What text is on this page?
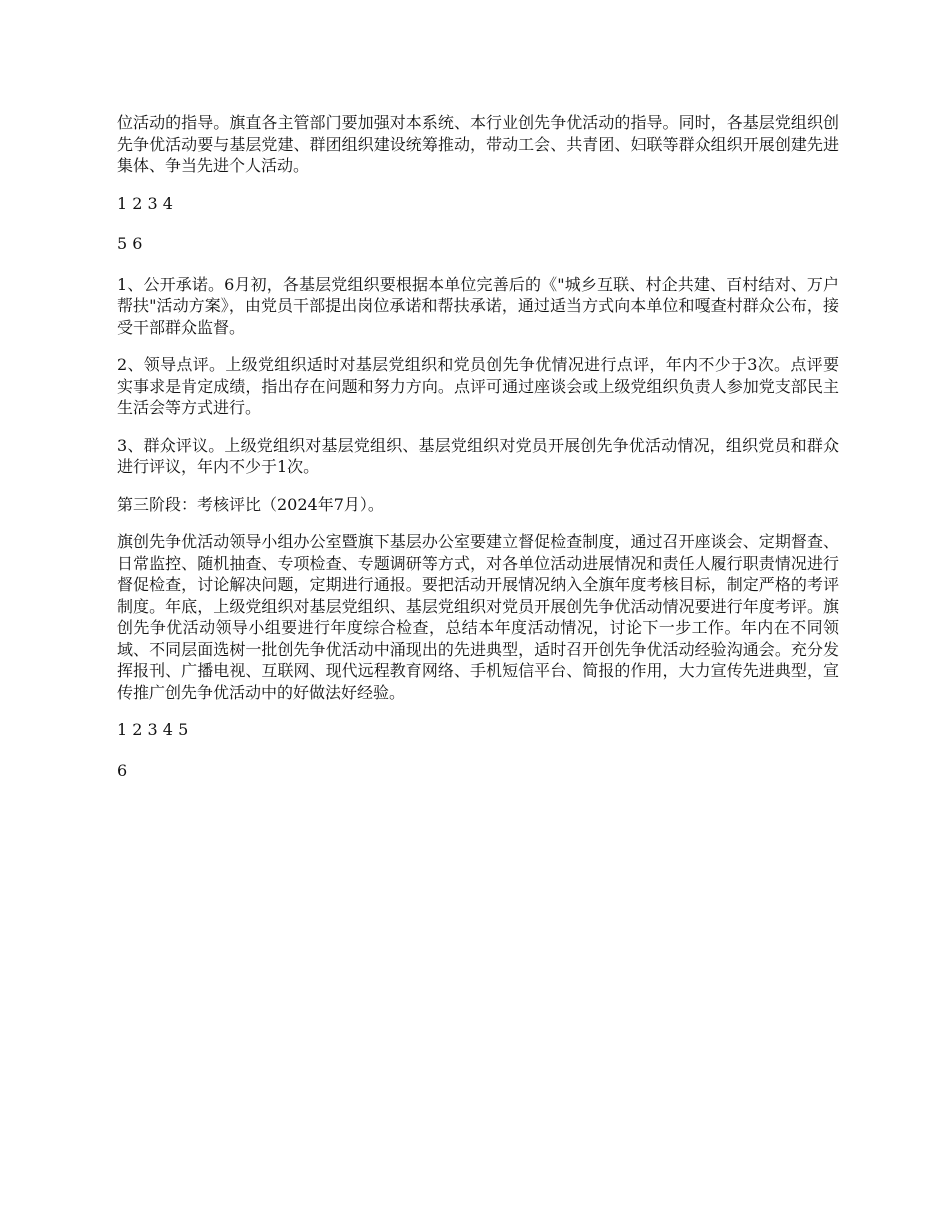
位活动的指导。旗直各主管部门要加强对本系统、本行业创先争优活动的指导。同时，各基层党组织创先争优活动要与基层党建、群团组织建设统筹推动，带动工会、共青团、妇联等群众组织开展创建先进集体、争当先进个人活动。

1 2 3 4

5 6

1、公开承诺。6月初，各基层党组织要根据本单位完善后的《"城乡互联、村企共建、百村结对、万户帮扶"活动方案》，由党员干部提出岗位承诺和帮扶承诺，通过适当方式向本单位和嘎查村群众公布，接受干部群众监督。

2、领导点评。上级党组织适时对基层党组织和党员创先争优情况进行点评，年内不少于3次。点评要实事求是肯定成绩，指出存在问题和努力方向。点评可通过座谈会或上级党组织负责人参加党支部民主生活会等方式进行。

3、群众评议。上级党组织对基层党组织、基层党组织对党员开展创先争优活动情况，组织党员和群众进行评议，年内不少于1次。

第三阶段：考核评比（2024年7月）。

旗创先争优活动领导小组办公室暨旗下基层办公室要建立督促检查制度，通过召开座谈会、定期督查、日常监控、随机抽查、专项检查、专题调研等方式，对各单位活动进展情况和责任人履行职责情况进行督促检查，讨论解决问题，定期进行通报。要把活动开展情况纳入全旗年度考核目标，制定严格的考评制度。年底，上级党组织对基层党组织、基层党组织对党员开展创先争优活动情况要进行年度考评。旗创先争优活动领导小组要进行年度综合检查，总结本年度活动情况，讨论下一步工作。年内在不同领域、不同层面选树一批创先争优活动中涌现出的先进典型，适时召开创先争优活动经验沟通会。充分发挥报刊、广播电视、互联网、现代远程教育网络、手机短信平台、简报的作用，大力宣传先进典型，宣传推广创先争优活动中的好做法好经验。

1 2 3 4 5

6
